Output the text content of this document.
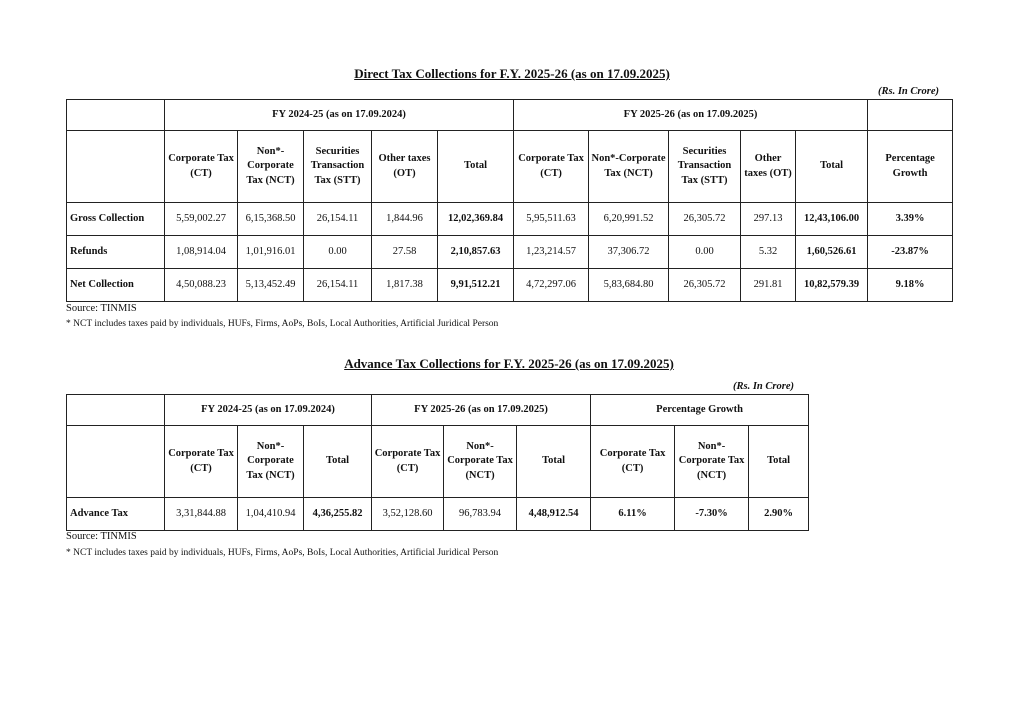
Direct Tax Collections for F.Y. 2025-26 (as on 17.09.2025)
(Rs. In Crore)
	FY 2024-25 (as on 17.09.2024)					FY 2025-26 (as on 17.09.2025)					
	Corporate Tax (CT)	Non*-Corporate Tax (NCT)	Securities Transaction Tax (STT)	Other taxes (OT)	Total	Corporate Tax (CT)	Non*-Corporate Tax (NCT)	Securities Transaction Tax (STT)	Other taxes (OT)	Total	Percentage Growth
Gross Collection	5,59,002.27	6,15,368.50	26,154.11	1,844.96	12,02,369.84	5,95,511.63	6,20,991.52	26,305.72	297.13	12,43,106.00	3.39%
Refunds	1,08,914.04	1,01,916.01	0.00	27.58	2,10,857.63	1,23,214.57	37,306.72	0.00	5.32	1,60,526.61	-23.87%
Net Collection	4,50,088.23	5,13,452.49	26,154.11	1,817.38	9,91,512.21	4,72,297.06	5,83,684.80	26,305.72	291.81	10,82,579.39	9.18%
Source: TINMIS
* NCT includes taxes paid by individuals, HUFs, Firms, AoPs, BoIs, Local Authorities, Artificial Juridical Person
Advance Tax Collections for F.Y. 2025-26 (as on 17.09.2025)
(Rs. In Crore)
	FY 2024-25 (as on 17.09.2024)			FY 2025-26 (as on 17.09.2025)			Percentage Growth		
	Corporate Tax (CT)	Non*-Corporate Tax (NCT)	Total	Corporate Tax (CT)	Non*-Corporate Tax (NCT)	Total	Corporate Tax (CT)	Non*-Corporate Tax (NCT)	Total
Advance Tax	3,31,844.88	1,04,410.94	4,36,255.82	3,52,128.60	96,783.94	4,48,912.54	6.11%	-7.30%	2.90%
Source: TINMIS
* NCT includes taxes paid by individuals, HUFs, Firms, AoPs, BoIs, Local Authorities, Artificial Juridical Person
